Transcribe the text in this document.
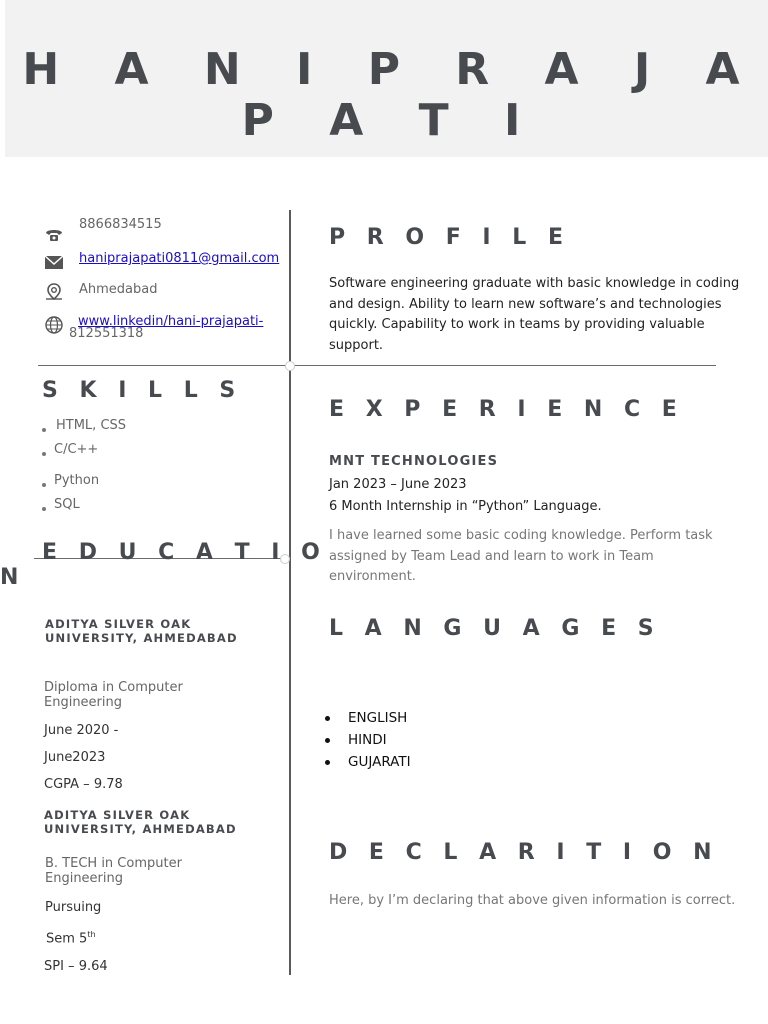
H A N I P R A J A P A T I
8866834515
haniprajapati0811@gmail.com
Ahmedabad
www.linkedin/hani-prajapati-
812551318
S K I L L S
HTML, CSS
C/C++
Python
SQL
E D U C A T I O
N
ADITYA SILVER OAK UNIVERSITY, AHMEDABAD
Diploma in Computer Engineering
June 2020 -
June2023
CGPA – 9.78
ADITYA SILVER OAK UNIVERSITY, AHMEDABAD
B. TECH in Computer Engineering
Pursuing
Sem 5th
SPI – 9.64
P R O F I L E
Software engineering graduate with basic knowledge in coding and design. Ability to learn new software’s and technologies quickly. Capability to work in teams by providing valuable support.
E X P E R I E N C E
MNT TECHNOLOGIES
Jan 2023 – June 2023
6 Month Internship in “Python” Language.
I have learned some basic coding knowledge. Perform task assigned by Team Lead and learn to work in Team environment.
L A N G U A G E S
ENGLISH
HINDI
GUJARATI
D E C L A R I T I O N
Here, by I’m declaring that above given information is correct.
